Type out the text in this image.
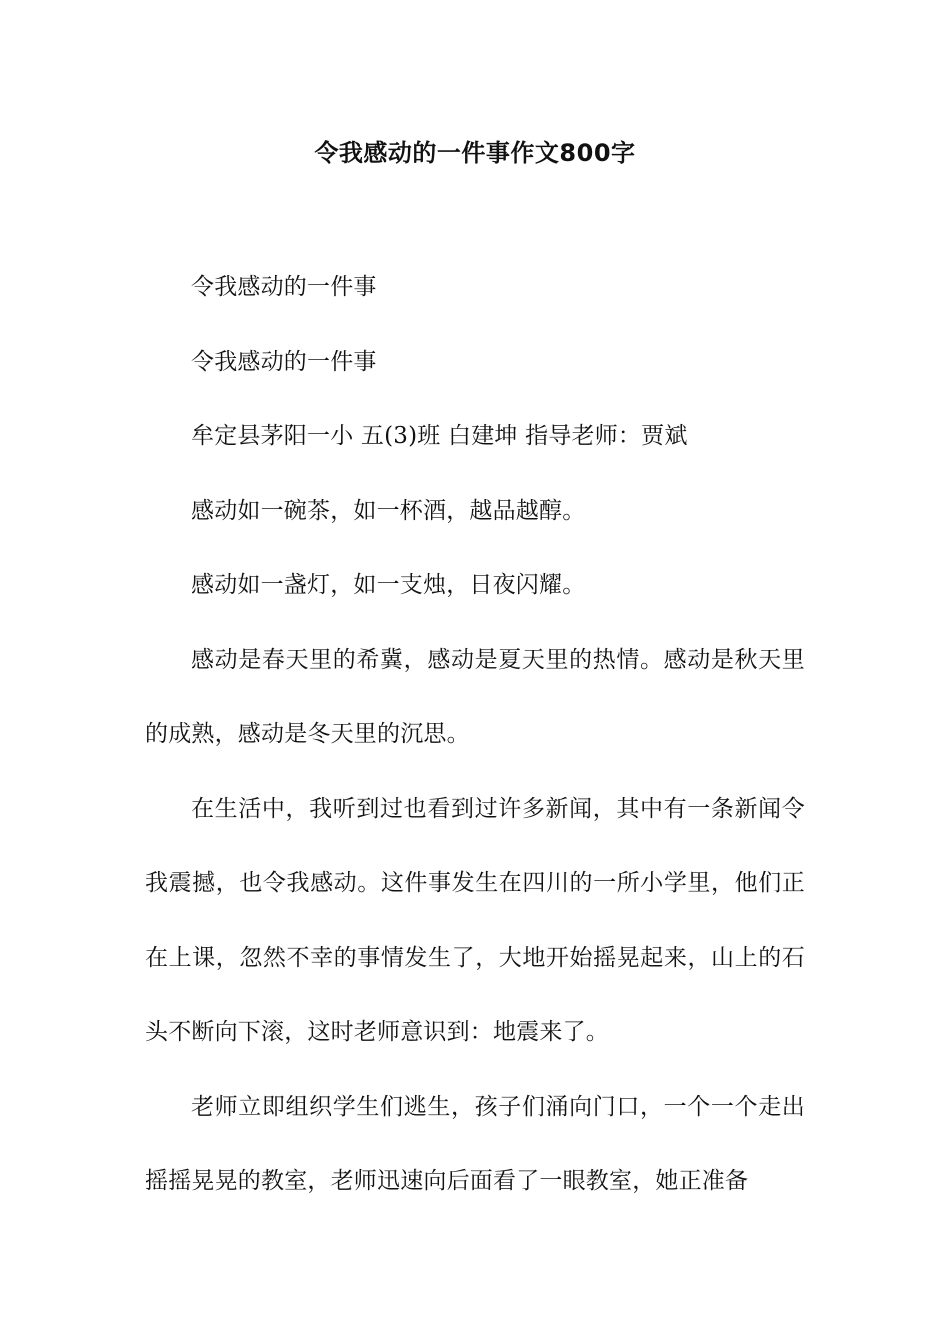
令我感动的一件事作文800字

令我感动的一件事

令我感动的一件事

牟定县茅阳一小 五(3)班 白建坤 指导老师：贾斌

感动如一碗茶，如一杯酒，越品越醇。

感动如一盏灯，如一支烛，日夜闪耀。

感动是春天里的希冀，感动是夏天里的热情。感动是秋天里的成熟，感动是冬天里的沉思。

在生活中，我听到过也看到过许多新闻，其中有一条新闻令我震撼，也令我感动。这件事发生在四川的一所小学里，他们正在上课，忽然不幸的事情发生了，大地开始摇晃起来，山上的石头不断向下滚，这时老师意识到：地震来了。

老师立即组织学生们逃生，孩子们涌向门口，一个一个走出摇摇晃晃的教室，老师迅速向后面看了一眼教室，她正准备
